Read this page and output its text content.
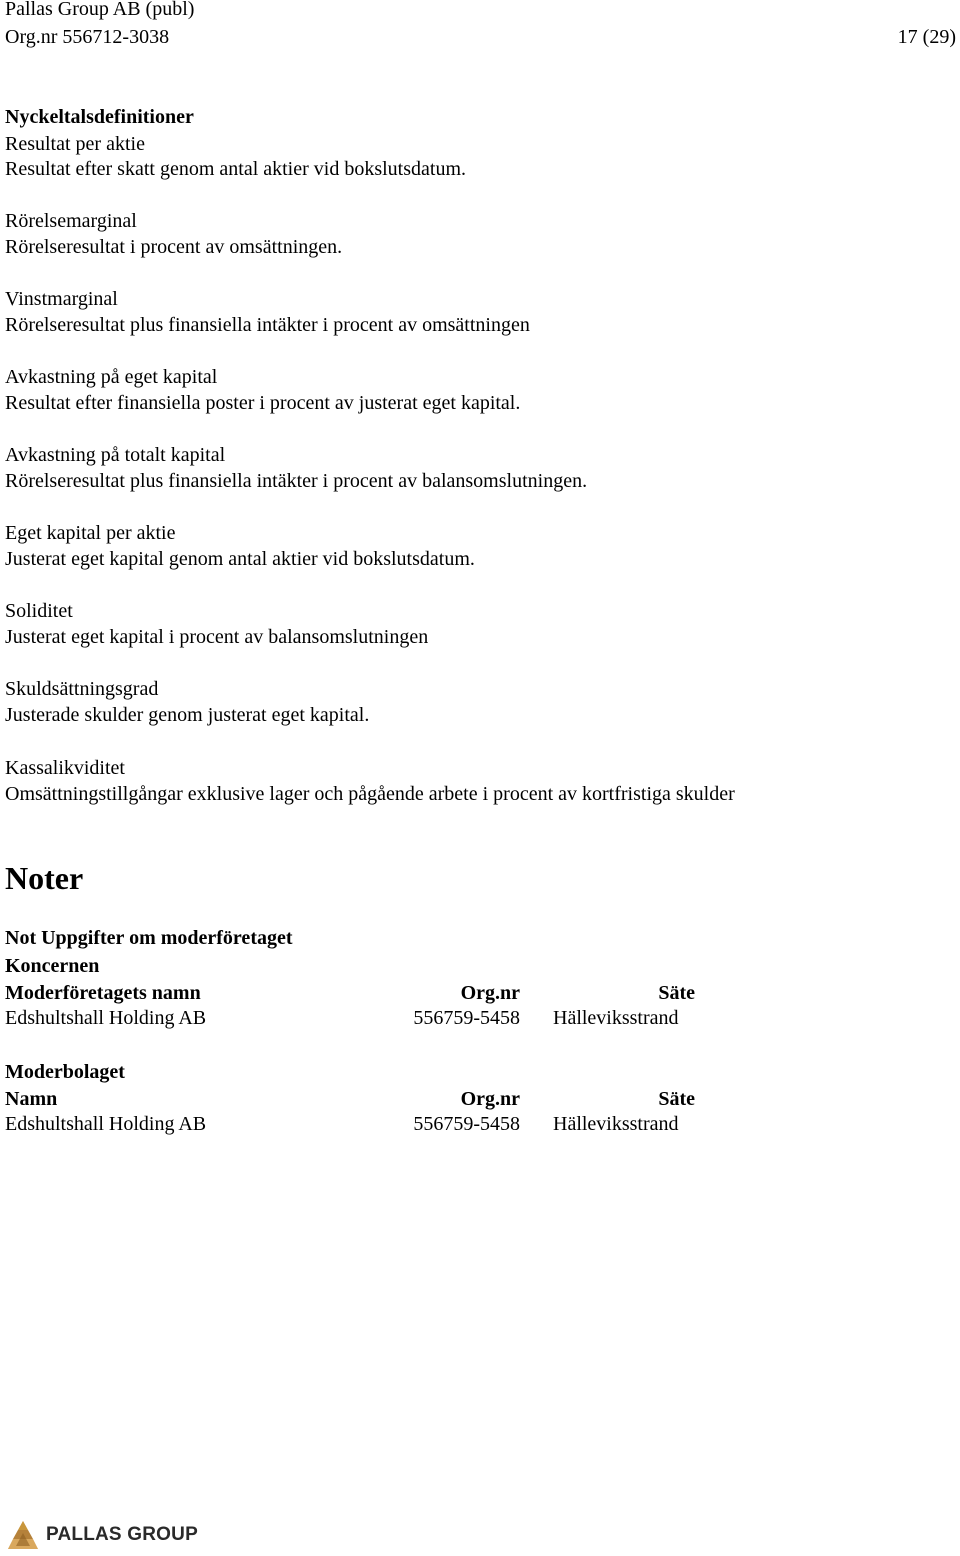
Pallas Group AB (publ)
Org.nr 556712-3038	17 (29)
Nyckeltalsdefinitioner
Resultat per aktie
Resultat efter skatt genom antal aktier vid bokslutsdatum.
Rörelsemarginal
Rörelseresultat i procent av omsättningen.
Vinstmarginal
Rörelseresultat plus finansiella intäkter i procent av omsättningen
Avkastning på eget kapital
Resultat efter finansiella poster i procent av justerat eget kapital.
Avkastning på totalt kapital
Rörelseresultat plus finansiella intäkter i procent av balansomslutningen.
Eget kapital per aktie
Justerat eget kapital genom antal aktier vid bokslutsdatum.
Soliditet
Justerat eget kapital i procent av balansomslutningen
Skuldsättningsgrad
Justerade skulder genom justerat eget kapital.
Kassalikviditet
Omsättningstillgångar exklusive lager och pågående arbete i procent av kortfristiga skulder
Noter
Not Uppgifter om moderföretaget
Koncernen
Moderföretagets namn	Org.nr	Säte
Edshultshall Holding AB	556759-5458 Hälleviksstrand
Moderbolaget
Namn	Org.nr	Säte
Edshultshall Holding AB	556759-5458 Hälleviksstrand
PALLAS GROUP
